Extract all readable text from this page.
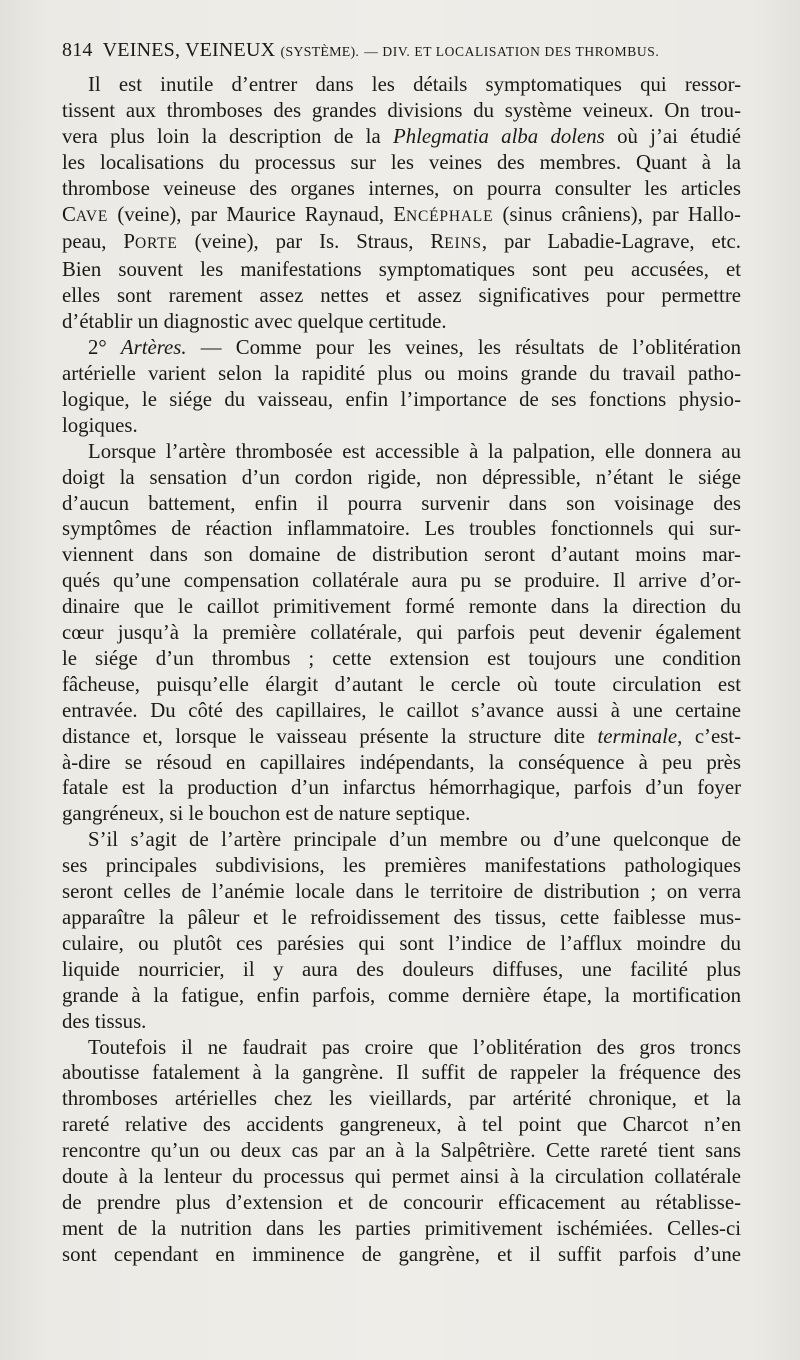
814 VEINES, VEINEUX (SYSTÈME). — DIV. ET LOCALISATION DES THROMBUS.

Il est inutile d’entrer dans les détails symptomatiques qui ressor-
tissent aux thromboses des grandes divisions du système veineux. On trou-
vera plus loin la description de la Phlegmatia alba dolens où j’ai étudié
les localisations du processus sur les veines des membres. Quant à la
thrombose veineuse des organes internes, on pourra consulter les articles
CAVE (veine), par Maurice Raynaud, ENCÉPHALE (sinus crâniens), par Hallo-
peau, PORTE (veine), par Is. Straus, REINS, par Labadie-Lagrave, etc.
Bien souvent les manifestations symptomatiques sont peu accusées, et
elles sont rarement assez nettes et assez significatives pour permettre
d’établir un diagnostic avec quelque certitude.

2° Artères. — Comme pour les veines, les résultats de l’oblitération
artérielle varient selon la rapidité plus ou moins grande du travail patho-
logique, le siége du vaisseau, enfin l’importance de ses fonctions physio-
logiques.

Lorsque l’artère thrombosée est accessible à la palpation, elle donnera au
doigt la sensation d’un cordon rigide, non dépressible, n’étant le siége
d’aucun battement, enfin il pourra survenir dans son voisinage des
symptômes de réaction inflammatoire. Les troubles fonctionnels qui sur-
viennent dans son domaine de distribution seront d’autant moins mar-
qués qu’une compensation collatérale aura pu se produire. Il arrive d’or-
dinaire que le caillot primitivement formé remonte dans la direction du
cœur jusqu’à la première collatérale, qui parfois peut devenir également
le siége d’un thrombus ; cette extension est toujours une condition
fâcheuse, puisqu’elle élargit d’autant le cercle où toute circulation est
entravée. Du côté des capillaires, le caillot s’avance aussi à une certaine
distance et, lorsque le vaisseau présente la structure dite terminale, c’est-
à-dire se résoud en capillaires indépendants, la conséquence à peu près
fatale est la production d’un infarctus hémorrhagique, parfois d’un foyer
gangréneux, si le bouchon est de nature septique.

S’il s’agit de l’artère principale d’un membre ou d’une quelconque de
ses principales subdivisions, les premières manifestations pathologiques
seront celles de l’anémie locale dans le territoire de distribution ; on verra
apparaître la pâleur et le refroidissement des tissus, cette faiblesse mus-
culaire, ou plutôt ces parésies qui sont l’indice de l’afflux moindre du
liquide nourricier, il y aura des douleurs diffuses, une facilité plus
grande à la fatigue, enfin parfois, comme dernière étape, la mortification
des tissus.

Toutefois il ne faudrait pas croire que l’oblitération des gros troncs
aboutisse fatalement à la gangrène. Il suffit de rappeler la fréquence des
thromboses artérielles chez les vieillards, par artérité chronique, et la
rareté relative des accidents gangreneux, à tel point que Charcot n’en
rencontre qu’un ou deux cas par an à la Salpêtrière. Cette rareté tient sans
doute à la lenteur du processus qui permet ainsi à la circulation collatérale
de prendre plus d’extension et de concourir efficacement au rétablisse-
ment de la nutrition dans les parties primitivement ischémiées. Celles-ci
sont cependant en imminence de gangrène, et il suffit parfois d’une
